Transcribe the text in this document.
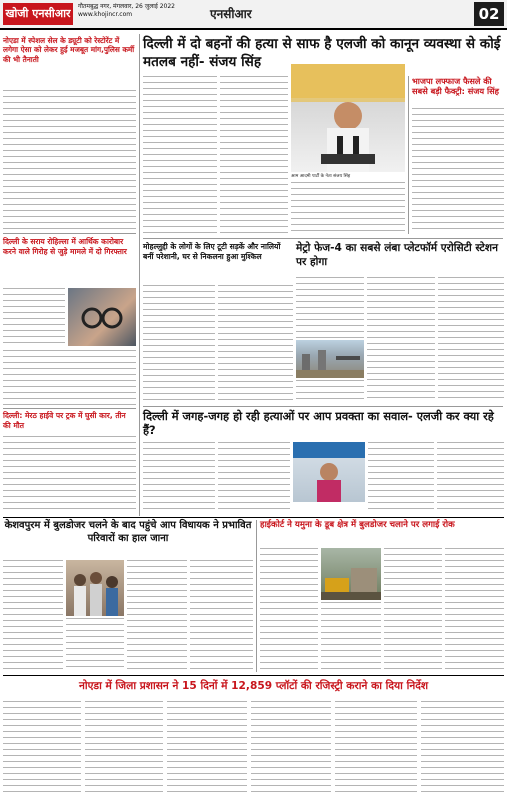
खोजी एनसीआर
गौतमबुद्ध नगर, मंगलवार, 26 जुलाई 2022
www.khojincr.com	एनसीआर	02
नोएडा में स्पेशल सेल के ड्यूटी को रेस्टोरेंट में लगेगा ऐसा को लेकर हुई मजबूत मांग,पुलिस कर्मी की भी तैनाती
दिल्ली के सराय रोहिल्ला में आर्थिक कारोबार करने वाले गिरोह से जुड़े मामले में दो गिरफ्तार
दिल्ली: मेरठ हाईवे पर ट्रक में घुसी कार, तीन की मौत
दिल्ली में दो बहनों की हत्या से साफ है एलजी को कानून व्यवस्था से कोई मतलब नहीं- संजय सिंह
आम आदमी पार्टी के नेता संजय सिंह
भाजपा लफ्फाज फैसले की सबसे बड़ी फैक्ट्री: संजय सिंह
मोहल्लुद्दी के लोगों के लिए टूटी सड़कें और नालियों बनीं परेशानी, घर से निकलना हुआ मुश्किल
मेट्रो फेज-4 का सबसे लंबा प्लेटफॉर्म एरोसिटी स्टेशन पर होगा
दिल्ली में जगह-जगह हो रही हत्याओं पर आप प्रवक्ता का सवाल- एलजी कर क्या रहे हैं?
केशवपुरम में बुलडोजर चलने के बाद पहुंचे आप विधायक ने प्रभावित परिवारों का हाल जाना
हाईकोर्ट ने यमुना के डूब क्षेत्र में बुलडोजर चलाने पर लगाई रोक
नोएडा में जिला प्रशासन ने 15 दिनों में 12,859 प्लॉटों की रजिस्ट्री कराने का दिया निर्देश
